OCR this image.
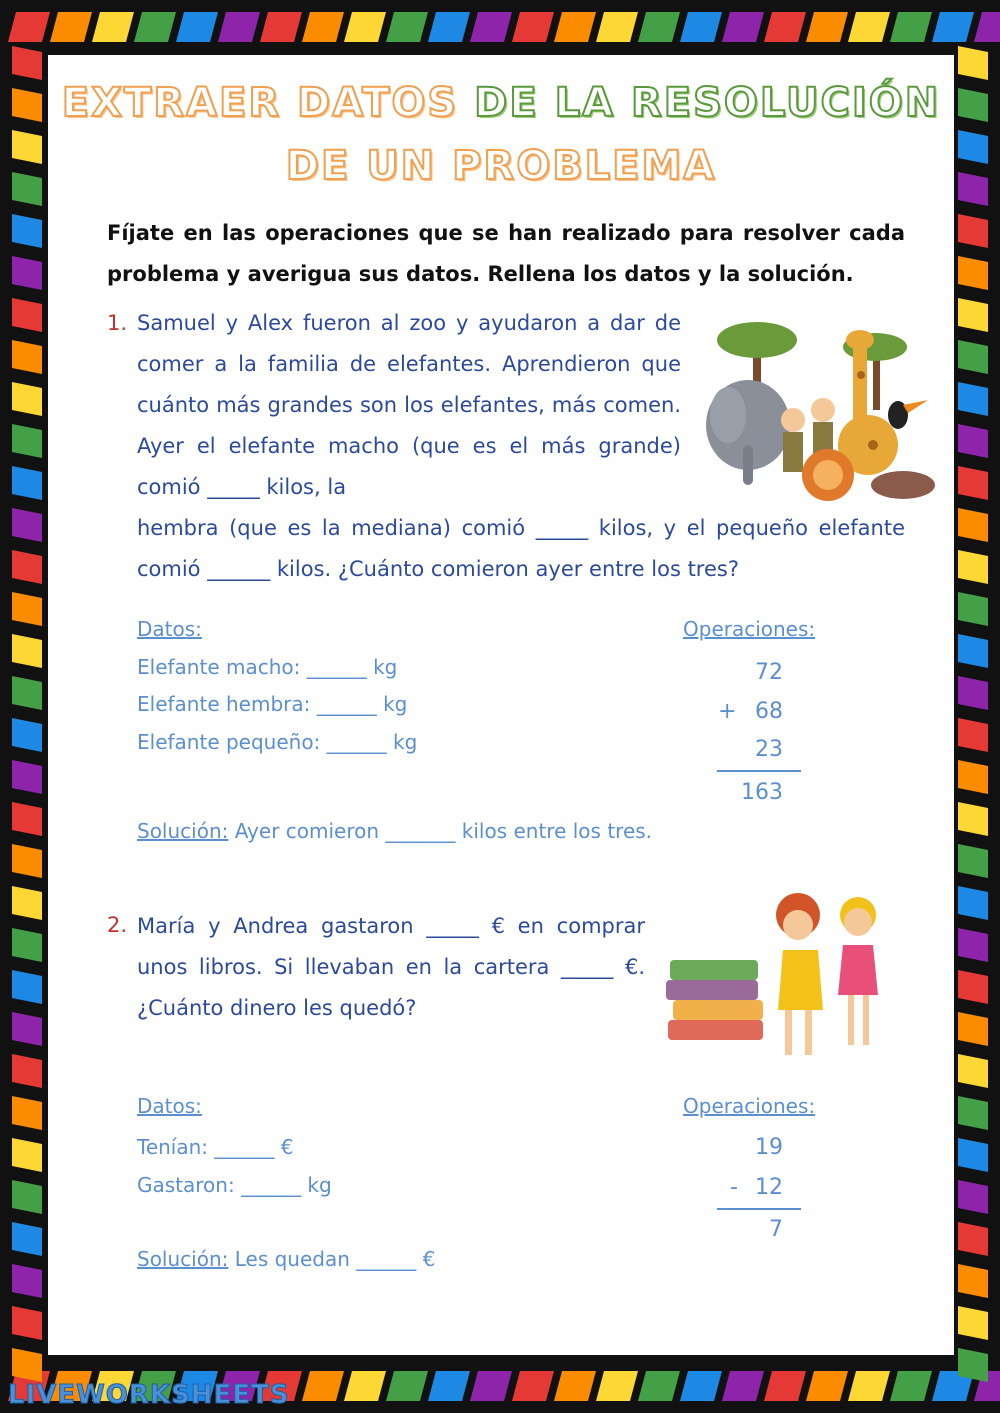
EXTRAER DATOS DE LA RESOLUCIÓN
DE UN PROBLEMA
Fíjate en las operaciones que se han realizado para resolver cada problema y averigua sus datos. Rellena los datos y la solución.
1. Samuel y Alex fueron al zoo y ayudaron a dar de comer a la familia de elefantes. Aprendieron que cuánto más grandes son los elefantes, más comen. Ayer el elefante macho (que es el más grande) comió _____ kilos, la
hembra (que es la mediana) comió _____ kilos, y el pequeño elefante comió ______ kilos. ¿Cuánto comieron ayer entre los tres?
Datos:
Elefante macho: ______ kg
Elefante hembra: ______ kg
Elefante pequeño: ______ kg
Operaciones:
72
+ 68
23
163
Solución: Ayer comieron _______ kilos entre los tres.
2. María y Andrea gastaron _____ € en comprar unos libros. Si llevaban en la cartera _____ €. ¿Cuánto dinero les quedó?
Datos:
Tenían: ______ €
Gastaron: ______ kg
Operaciones:
19
- 12
7
Solución: Les quedan ______ €
LIVEWORKSHEETS
